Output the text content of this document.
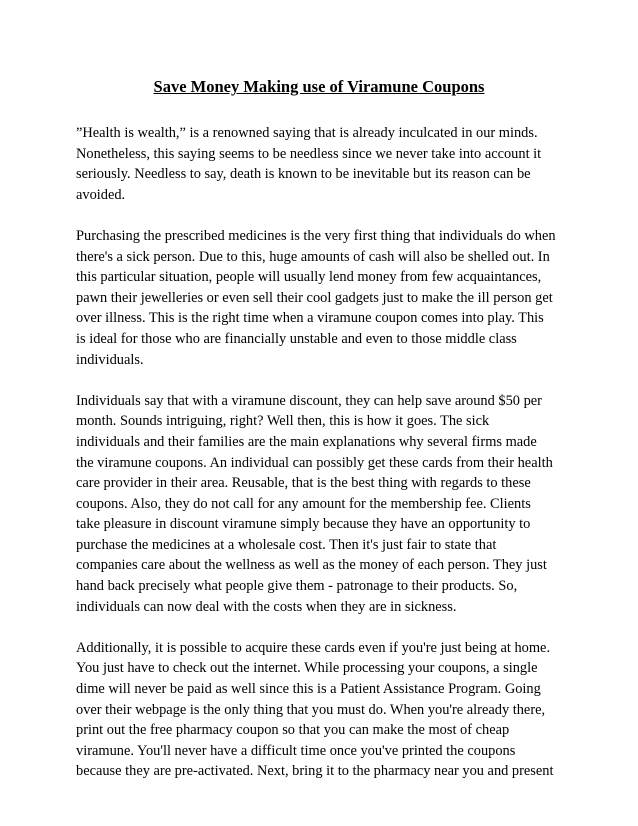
Save Money Making use of Viramune Coupons

”Health is wealth,” is a renowned saying that is already inculcated in our minds.
Nonetheless, this saying seems to be needless since we never take into account it
seriously. Needless to say, death is known to be inevitable but its reason can be
avoided.

Purchasing the prescribed medicines is the very first thing that individuals do when
there's a sick person. Due to this, huge amounts of cash will also be shelled out. In
this particular situation, people will usually lend money from few acquaintances,
pawn their jewelleries or even sell their cool gadgets just to make the ill person get
over illness. This is the right time when a viramune coupon comes into play. This
is ideal for those who are financially unstable and even to those middle class
individuals.

Individuals say that with a viramune discount, they can help save around $50 per
month. Sounds intriguing, right? Well then, this is how it goes. The sick
individuals and their families are the main explanations why several firms made
the viramune coupons. An individual can possibly get these cards from their health
care provider in their area. Reusable, that is the best thing with regards to these
coupons. Also, they do not call for any amount for the membership fee. Clients
take pleasure in discount viramune simply because they have an opportunity to
purchase the medicines at a wholesale cost. Then it's just fair to state that
companies care about the wellness as well as the money of each person. They just
hand back precisely what people give them - patronage to their products. So,
individuals can now deal with the costs when they are in sickness.

Additionally, it is possible to acquire these cards even if you're just being at home.
You just have to check out the internet. While processing your coupons, a single
dime will never be paid as well since this is a Patient Assistance Program. Going
over their webpage is the only thing that you must do. When you're already there,
print out the free pharmacy coupon so that you can make the most of cheap
viramune. You'll never have a difficult time once you've printed the coupons
because they are pre-activated. Next, bring it to the pharmacy near you and present
